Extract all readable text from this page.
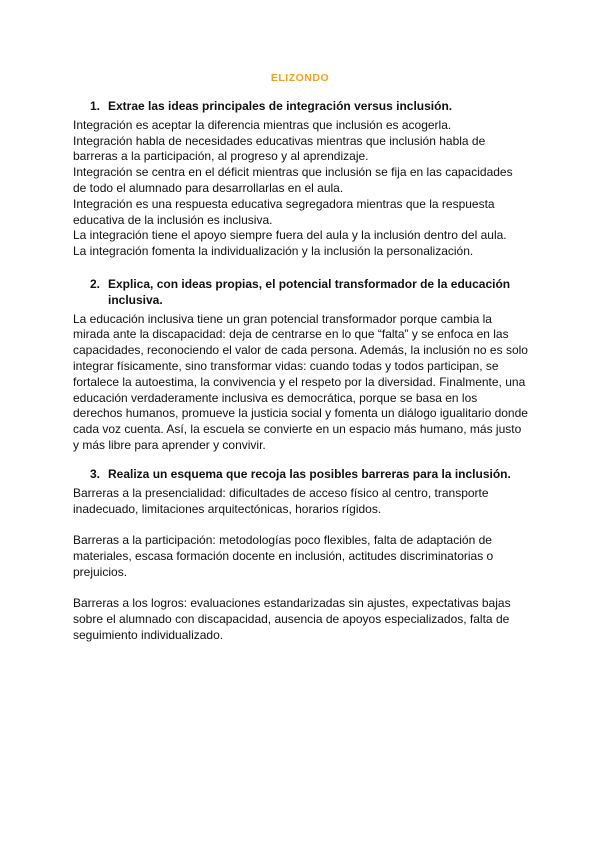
ELIZONDO
1. Extrae las ideas principales de integración versus inclusión.

Integración es aceptar la diferencia mientras que inclusión es acogerla.

Integración habla de necesidades educativas mientras que inclusión habla de barreras a la participación, al progreso y al aprendizaje.

Integración se centra en el déficit mientras que inclusión se fija en las capacidades de todo el alumnado para desarrollarlas en el aula.

Integración es una respuesta educativa segregadora mientras que la respuesta educativa de la inclusión es inclusiva.

La integración tiene el apoyo siempre fuera del aula y la inclusión dentro del aula.

La integración fomenta la individualización y la inclusión la personalización.

2. Explica, con ideas propias, el potencial transformador de la educación inclusiva.

La educación inclusiva tiene un gran potencial transformador porque cambia la mirada ante la discapacidad: deja de centrarse en lo que “falta” y se enfoca en las capacidades, reconociendo el valor de cada persona. Además, la inclusión no es solo integrar físicamente, sino transformar vidas: cuando todas y todos participan, se fortalece la autoestima, la convivencia y el respeto por la diversidad. Finalmente, una educación verdaderamente inclusiva es democrática, porque se basa en los derechos humanos, promueve la justicia social y fomenta un diálogo igualitario donde cada voz cuenta. Así, la escuela se convierte en un espacio más humano, más justo y más libre para aprender y convivir.

3. Realiza un esquema que recoja las posibles barreras para la inclusión.

Barreras a la presencialidad: dificultades de acceso físico al centro, transporte inadecuado, limitaciones arquitectónicas, horarios rígidos.

Barreras a la participación: metodologías poco flexibles, falta de adaptación de materiales, escasa formación docente en inclusión, actitudes discriminatorias o prejuicios.

Barreras a los logros: evaluaciones estandarizadas sin ajustes, expectativas bajas sobre el alumnado con discapacidad, ausencia de apoyos especializados, falta de seguimiento individualizado.
